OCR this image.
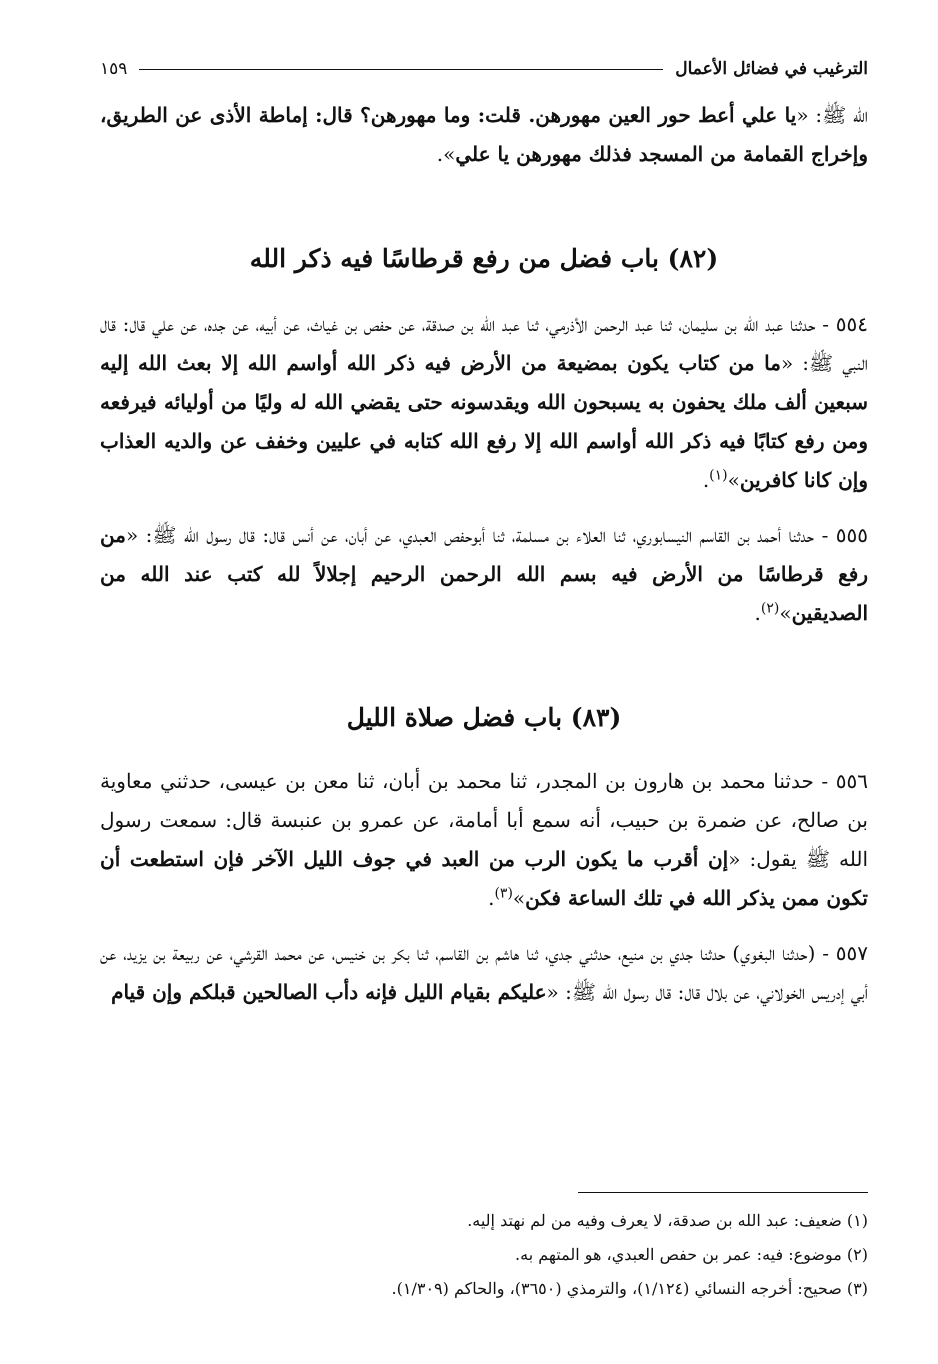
الترغيب في فضائل الأعمال
١٥٩

الله ﷺ: «يا علي أعط حور العين مهورهن. قلت: وما مهورهن؟ قال: إماطة الأذى عن الطريق، وإخراج القمامة من المسجد فذلك مهورهن يا علي».

(٨٢) باب فضل من رفع قرطاسًا فيه ذكر الله

٥٥٤ - حدثنا عبد الله بن سليمان، ثنا عبد الرحمن الأذرمي، ثنا عبد الله بن صدقة، عن حفص بن غياث، عن أبيه، عن جده، عن علي قال: قال النبي ﷺ: «ما من كتاب يكون بمضيعة من الأرض فيه ذكر الله أواسم الله إلا بعث الله إليه سبعين ألف ملك يحفون به يسبحون الله ويقدسونه حتى يقضي الله له وليًا من أوليائه فيرفعه ومن رفع كتابًا فيه ذكر الله أواسم الله إلا رفع الله كتابه في عليين وخفف عن والديه العذاب وإن كانا كافرين»$^{(١)}$.

٥٥٥ - حدثنا أحمد بن القاسم النيسابوري، ثنا العلاء بن مسلمة، ثنا أبوحفص العبدي، عن أبان، عن أنس قال: قال رسول الله ﷺ: «من رفع قرطاسًا من الأرض فيه بسم الله الرحمن الرحيم إجلالاً لله كتب عند الله من الصديقين»$^{(٢)}$.

(٨٣) باب فضل صلاة الليل

٥٥٦ - حدثنا محمد بن هارون بن المجدر، ثنا محمد بن أبان، ثنا معن بن عيسى، حدثني معاوية بن صالح، عن ضمرة بن حبيب، أنه سمع أبا أمامة، عن عمرو بن عنبسة قال: سمعت رسول الله ﷺ يقول: «إن أقرب ما يكون الرب من العبد في جوف الليل الآخر فإن استطعت أن تكون ممن يذكر الله في تلك الساعة فكن»$^{(٣)}$.

٥٥٧ - (حدثنا البغوي) حدثنا جدي بن منيع، حدثني جدي، ثنا هاشم بن القاسم، ثنا بكر بن خنيس، عن محمد القرشي، عن ربيعة بن يزيد، عن أبي إدريس الخولاني، عن بلال قال: قال رسول الله ﷺ: «عليكم بقيام الليل فإنه دأب الصالحين قبلكم وإن قيام

(١) ضعيف: عبد الله بن صدقة، لا يعرف وفيه من لم نهتد إليه.
(٢) موضوع: فيه: عمر بن حفص العبدي، هو المتهم به.
(٣) صحيح: أخرجه النسائي (١/١٢٤)، والترمذي (٣٦٥٠)، والحاكم (١/٣٠٩).
